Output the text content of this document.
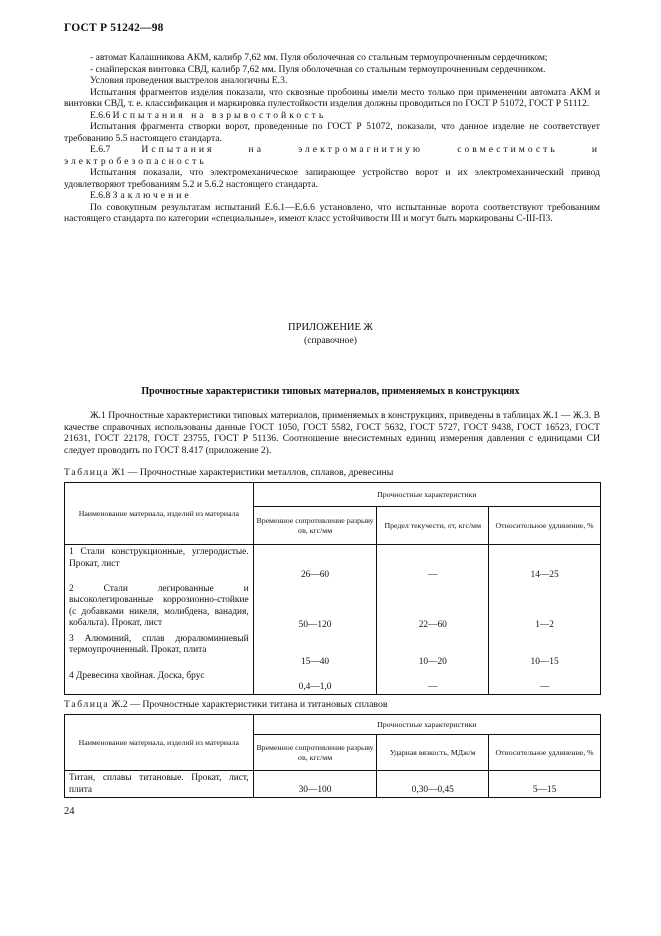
ГОСТ Р 51242—98

- автомат Калашникова АКМ, калибр 7,62 мм. Пуля оболочечная со стальным термоупрочненным сердечником;

- снайперская винтовка СВД, калибр 7,62 мм. Пуля оболочечная со стальным термоупрочненным сердечником.

Условия проведения выстрелов аналогичны Е.3.

Испытания фрагментов изделия показали, что сквозные пробоины имели место только при применении автомата АКМ и винтовки СВД, т. е. классификация и маркировка пулестойкости изделия должны проводиться по ГОСТ Р 51072, ГОСТ Р 51112.

Е.6.6 Испытания на взрывостойкость

Испытания фрагмента створки ворот, проведенные по ГОСТ Р 51072, показали, что данное изделие не соответствует требованию 5.5 настоящего стандарта.

Е.6.7	Испытания на электромагнитную совместимость и электробезопасность

Испытания показали, что электромеханическое запирающее устройство ворот и их электромеханический привод удовлетворяют требованиям 5.2 и 5.6.2 настоящего стандарта.

Е.6.8 Заключение

По совокупным результатам испытаний Е.6.1—Е.6.6 установлено, что испытанные ворота соответствуют требованиям настоящего стандарта по категории «специальные», имеют класс устойчивости III и могут быть маркированы С-III-П3.

ПРИЛОЖЕНИЕ Ж
(справочное)
Прочностные характеристики типовых материалов, применяемых в конструкциях

Ж.1 Прочностные характеристики типовых материалов, применяемых в конструкциях, приведены в таблицах Ж.1 — Ж.3. В качестве справочных использованы данные ГОСТ 1050, ГОСТ 5582, ГОСТ 5632, ГОСТ 5727, ГОСТ 9438, ГОСТ 16523, ГОСТ 21631, ГОСТ 22178, ГОСТ 23755, ГОСТ Р 51136. Соотношение внесистемных единиц измерения давления с единицами СИ следует проводить по ГОСТ 8.417 (приложение 2).

Таблица Ж1 — Прочностные характеристики металлов, сплавов, древесины
Наименование материала, изделий из материала	Прочностные характеристики		
	Временное сопротивление разрыву σв, кгс/мм	Предел текучести, σт, кгс/мм	Относительное удлинение, %
1 Стали конструкционные, углеродистые. Прокат, лист	26—60	—	14—25
2 Стали легированные и высоколегированные коррозионно-стойкие (с добавками никеля, молибдена, ванадия, кобальта). Прокат, лист	50—120	22—60	1—2
3 Алюминий, сплав дюралюминиевый термоупрочненный. Прокат, плита	15—40	10—20	10—15
4 Древесина хвойная. Доска, брус	0,4—1,0	—	—
Таблица Ж.2 — Прочностные характеристики титана и титановых сплавов
Наименование материала, изделий из материала	Прочностные характеристики		
	Временное сопротивление разрыву σв, кгс/мм	Ударная вязкость, МДж/м	Относительное удлинение, %
Титан, сплавы титановые. Прокат, лист, плита	30—100	0,30—0,45	5—15
24
